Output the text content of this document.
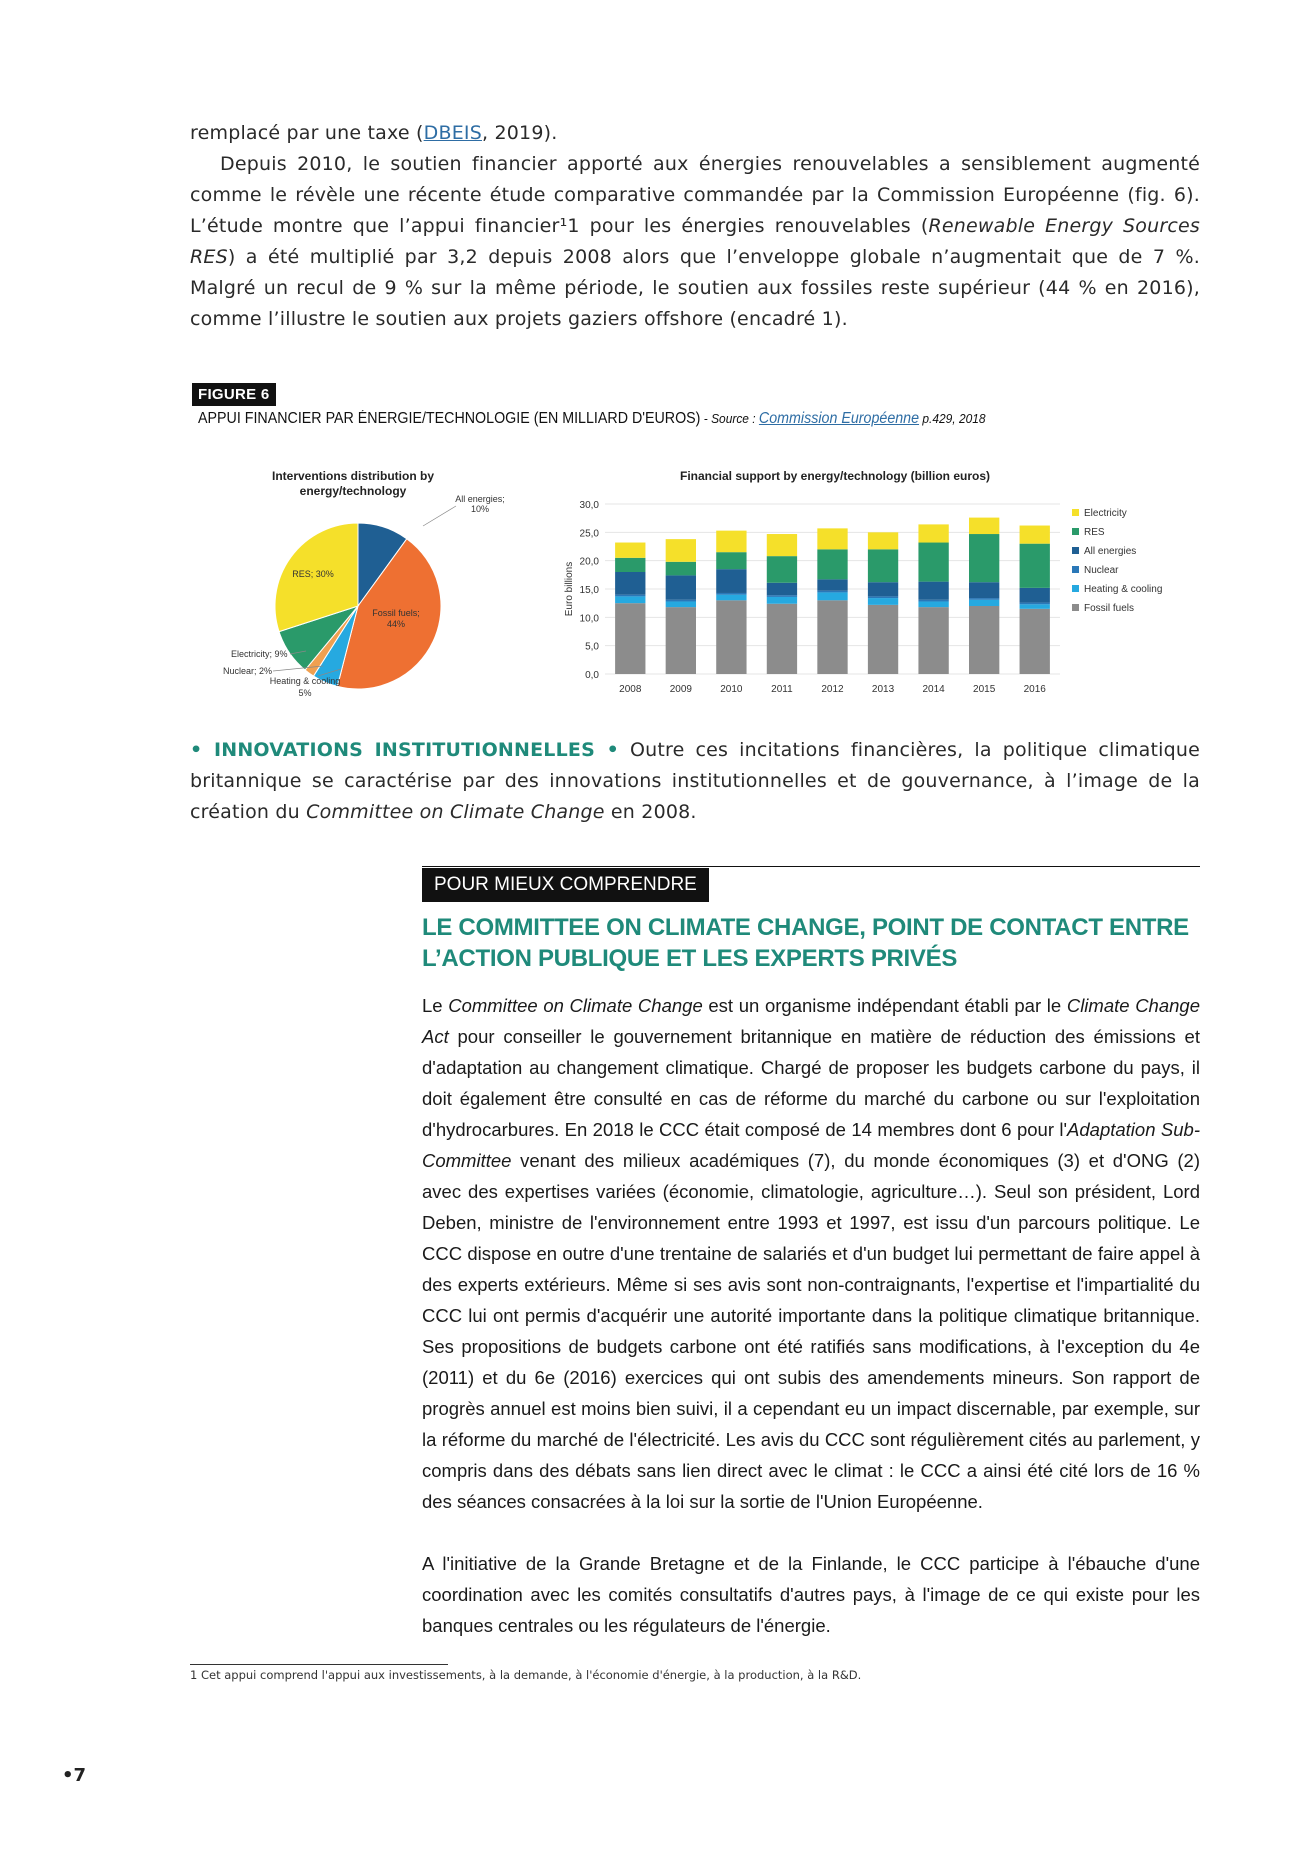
remplacé par une taxe (DBEIS, 2019).

Depuis 2010, le soutien financier apporté aux énergies renouvelables a sensiblement augmenté comme le révèle une récente étude comparative commandée par la Commission Européenne (fig. 6). L’étude montre que l’appui financier¹1 pour les énergies renouvelables (Renewable Energy Sources RES) a été multiplié par 3,2 depuis 2008 alors que l’enveloppe globale n’augmentait que de 7 %. Malgré un recul de 9 % sur la même période, le soutien aux fossiles reste supérieur (44 % en 2016), comme l’illustre le soutien aux projets gaziers offshore (encadré 1).

FIGURE 6
APPUI FINANCIER PAR ÉNERGIE/TECHNOLOGIE (EN MILLIARD D'EUROS) - Source : Commission Européenne p.429, 2018
Interventions distribution by
energy/technology
All energies;
10%
Fossil fuels;
44%
Heating & cooling
5%
Nuclear; 2%
Electricity; 9%
RES; 30%
Financial support by energy/technology (billion euros)
0,0
5,0
10,0
15,0
20,0
25,0
30,0
Euro billions
2008	2009	2010	2011	2012	2013	2014	2015	2016
Electricity
RES
All energies
Nuclear
Heating & cooling
Fossil fuels

• INNOVATIONS INSTITUTIONNELLES • Outre ces incitations financières, la politique climatique britannique se caractérise par des innovations institutionnelles et de gouvernance, à l’image de la création du Committee on Climate Change en 2008.

POUR MIEUX COMPRENDRE
LE COMMITTEE ON CLIMATE CHANGE, POINT DE CONTACT ENTRE L’ACTION PUBLIQUE ET LES EXPERTS PRIVÉS

Le Committee on Climate Change est un organisme indépendant établi par le Climate Change Act pour conseiller le gouvernement britannique en matière de réduction des émissions et d'adaptation au changement climatique. Chargé de proposer les budgets carbone du pays, il doit également être consulté en cas de réforme du marché du carbone ou sur l'exploitation d'hydrocarbures. En 2018 le CCC était composé de 14 membres dont 6 pour l'Adaptation Sub-Committee venant des milieux académiques (7), du monde économiques (3) et d'ONG (2) avec des expertises variées (économie, climatologie, agriculture…). Seul son président, Lord Deben, ministre de l'environnement entre 1993 et 1997, est issu d'un parcours politique. Le CCC dispose en outre d'une trentaine de salariés et d'un budget lui permettant de faire appel à des experts extérieurs. Même si ses avis sont non-contraignants, l'expertise et l'impartialité du CCC lui ont permis d'acquérir une autorité importante dans la politique climatique britannique. Ses propositions de budgets carbone ont été ratifiés sans modifications, à l'exception du 4e (2011) et du 6e (2016) exercices qui ont subis des amendements mineurs. Son rapport de progrès annuel est moins bien suivi, il a cependant eu un impact discernable, par exemple, sur la réforme du marché de l'électricité. Les avis du CCC sont régulièrement cités au parlement, y compris dans des débats sans lien direct avec le climat : le CCC a ainsi été cité lors de 16 % des séances consacrées à la loi sur la sortie de l'Union Européenne.

A l'initiative de la Grande Bretagne et de la Finlande, le CCC participe à l'ébauche d'une coordination avec les comités consultatifs d'autres pays, à l'image de ce qui existe pour les banques centrales ou les régulateurs de l'énergie.

1 Cet appui comprend l'appui aux investissements, à la demande, à l'économie d'énergie, à la production, à la R&D.
•7
